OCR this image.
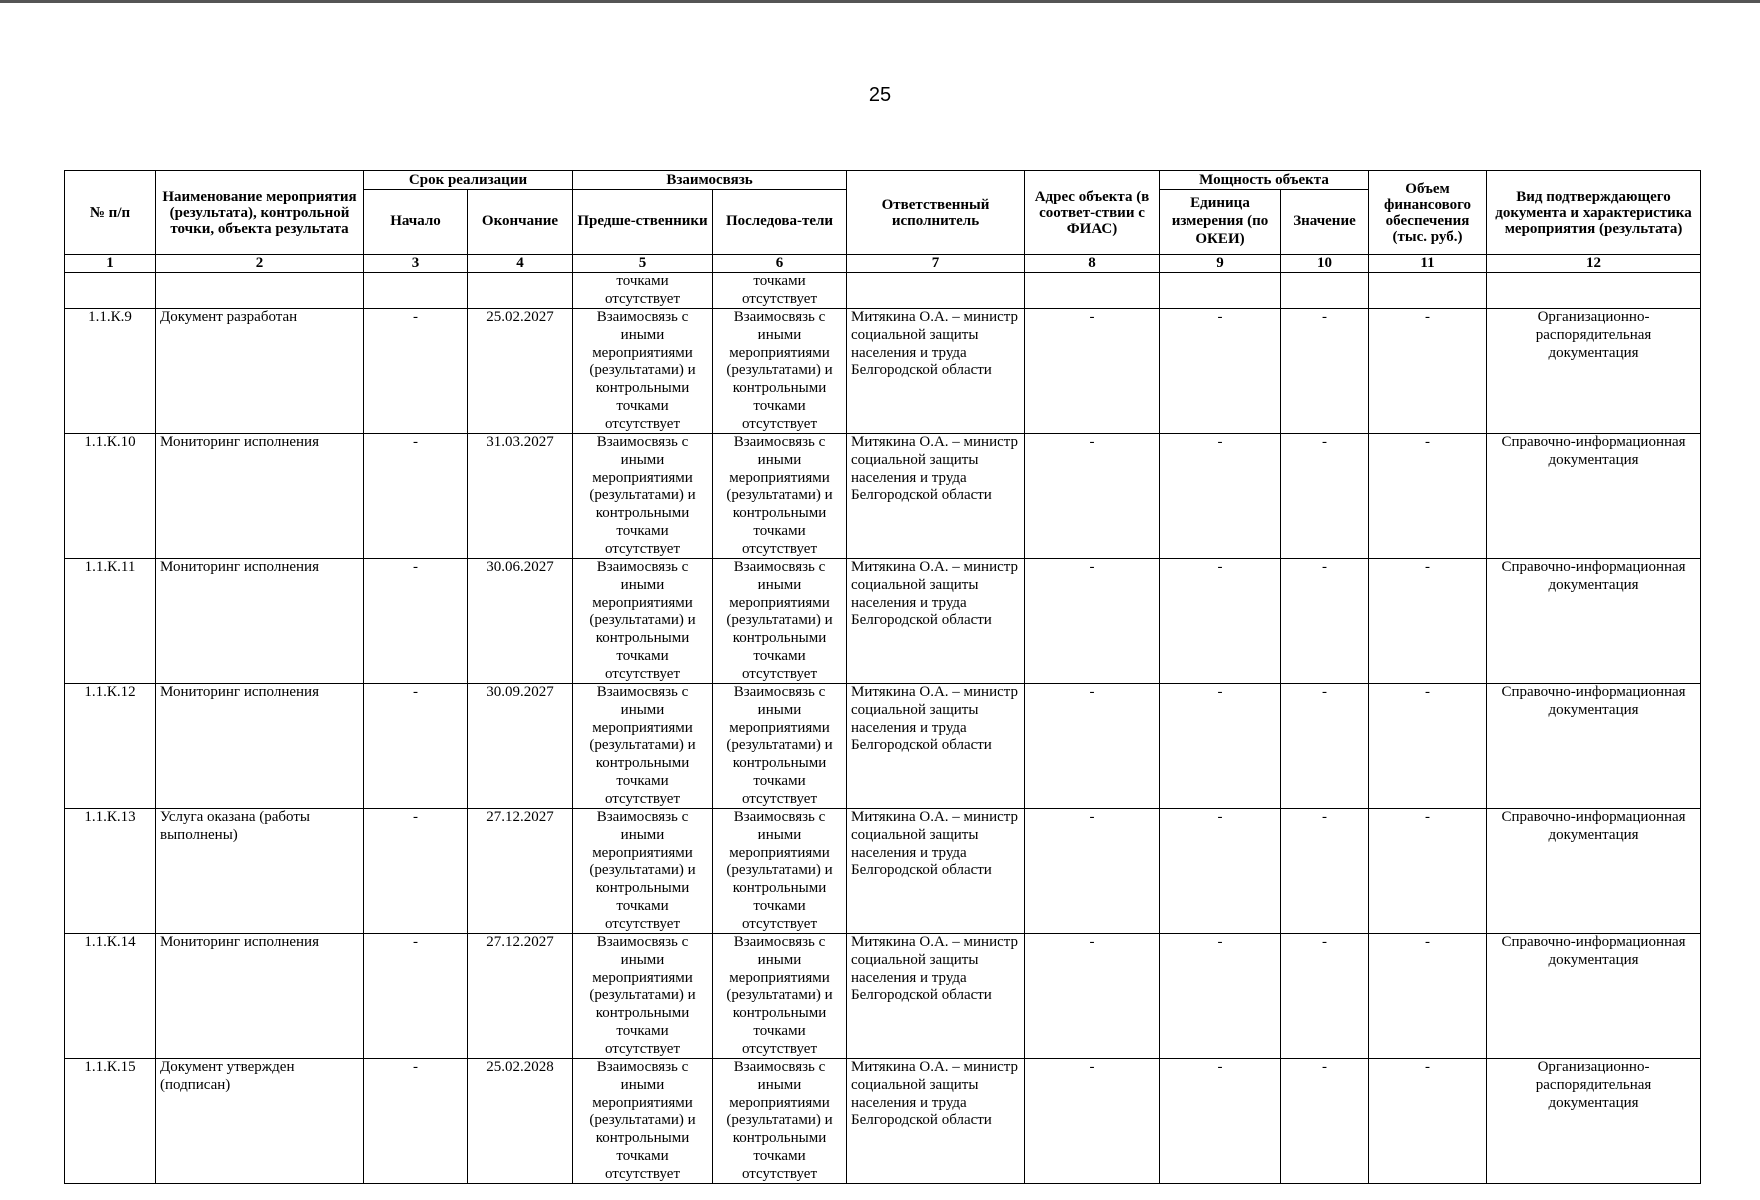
25
№ п/п	Наименование мероприятия (результата), контрольной точки, объекта результата	Срок реализации		Взаимосвязь		Ответственный исполнитель	Адрес объекта (в соответ-ствии с ФИАС)	Мощность объекта		Объем финансового обеспечения (тыс. руб.)	Вид подтверждающего документа и характеристика мероприятия (результата)
		Начало	Окончание	Предше-ственники	Последова-тели			Единица измерения (по ОКЕИ)	Значение		
1	2	3	4	5	6	7	8	9	10	11	12
				точками отсутствует	точками отсутствует						
1.1.К.9	Документ разработан	-	25.02.2027	Взаимосвязь с иными мероприятиями (результатами) и контрольными точками отсутствует	Взаимосвязь с иными мероприятиями (результатами) и контрольными точками отсутствует	Митякина О.А. – министр социальной защиты населения и труда Белгородской области	-	-	-	-	Организационно-распорядительная документация
1.1.К.10	Мониторинг исполнения	-	31.03.2027	Взаимосвязь с иными мероприятиями (результатами) и контрольными точками отсутствует	Взаимосвязь с иными мероприятиями (результатами) и контрольными точками отсутствует	Митякина О.А. – министр социальной защиты населения и труда Белгородской области	-	-	-	-	Справочно-информационная документация
1.1.К.11	Мониторинг исполнения	-	30.06.2027	Взаимосвязь с иными мероприятиями (результатами) и контрольными точками отсутствует	Взаимосвязь с иными мероприятиями (результатами) и контрольными точками отсутствует	Митякина О.А. – министр социальной защиты населения и труда Белгородской области	-	-	-	-	Справочно-информационная документация
1.1.К.12	Мониторинг исполнения	-	30.09.2027	Взаимосвязь с иными мероприятиями (результатами) и контрольными точками отсутствует	Взаимосвязь с иными мероприятиями (результатами) и контрольными точками отсутствует	Митякина О.А. – министр социальной защиты населения и труда Белгородской области	-	-	-	-	Справочно-информационная документация
1.1.К.13	Услуга оказана (работы выполнены)	-	27.12.2027	Взаимосвязь с иными мероприятиями (результатами) и контрольными точками отсутствует	Взаимосвязь с иными мероприятиями (результатами) и контрольными точками отсутствует	Митякина О.А. – министр социальной защиты населения и труда Белгородской области	-	-	-	-	Справочно-информационная документация
1.1.К.14	Мониторинг исполнения	-	27.12.2027	Взаимосвязь с иными мероприятиями (результатами) и контрольными точками отсутствует	Взаимосвязь с иными мероприятиями (результатами) и контрольными точками отсутствует	Митякина О.А. – министр социальной защиты населения и труда Белгородской области	-	-	-	-	Справочно-информационная документация
1.1.К.15	Документ утвержден (подписан)	-	25.02.2028	Взаимосвязь с иными мероприятиями (результатами) и контрольными точками отсутствует	Взаимосвязь с иными мероприятиями (результатами) и контрольными точками отсутствует	Митякина О.А. – министр социальной защиты населения и труда Белгородской области	-	-	-	-	Организационно-распорядительная документация
